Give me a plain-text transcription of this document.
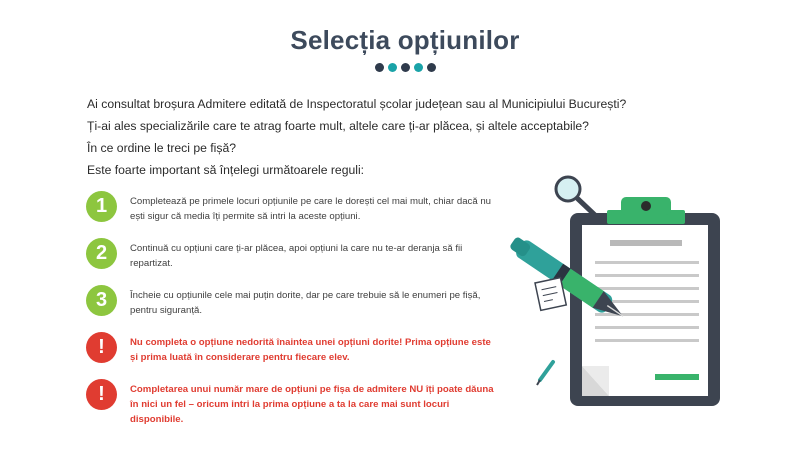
Selecția opțiunilor
Ai consultat broșura Admitere editată de Inspectoratul școlar județean sau al Municipiului București?
Ți-ai ales specializările care te atrag foarte mult, altele care ți-ar plăcea, și altele acceptabile?
În ce ordine le treci pe fișă?
Este foarte important să înțelegi următoarele reguli:
1	Completează pe primele locuri opțiunile pe care le dorești cel mai mult, chiar dacă nu ești sigur că media îți permite să intri la aceste opțiuni.
2	Continuă cu opțiuni care ți-ar plăcea, apoi opțiuni la care nu te-ar deranja să fii repartizat.
3	Încheie cu opțiunile cele mai puțin dorite, dar pe care trebuie să le enumeri pe fișă, pentru siguranță.
!	Nu completa o opțiune nedorită înaintea unei opțiuni dorite! Prima opțiune este și prima luată în considerare pentru fiecare elev.
!	Completarea unui număr mare de opțiuni pe fișa de admitere NU îți poate dăuna în nici un fel – oricum intri la prima opțiune a ta la care mai sunt locuri disponibile.
